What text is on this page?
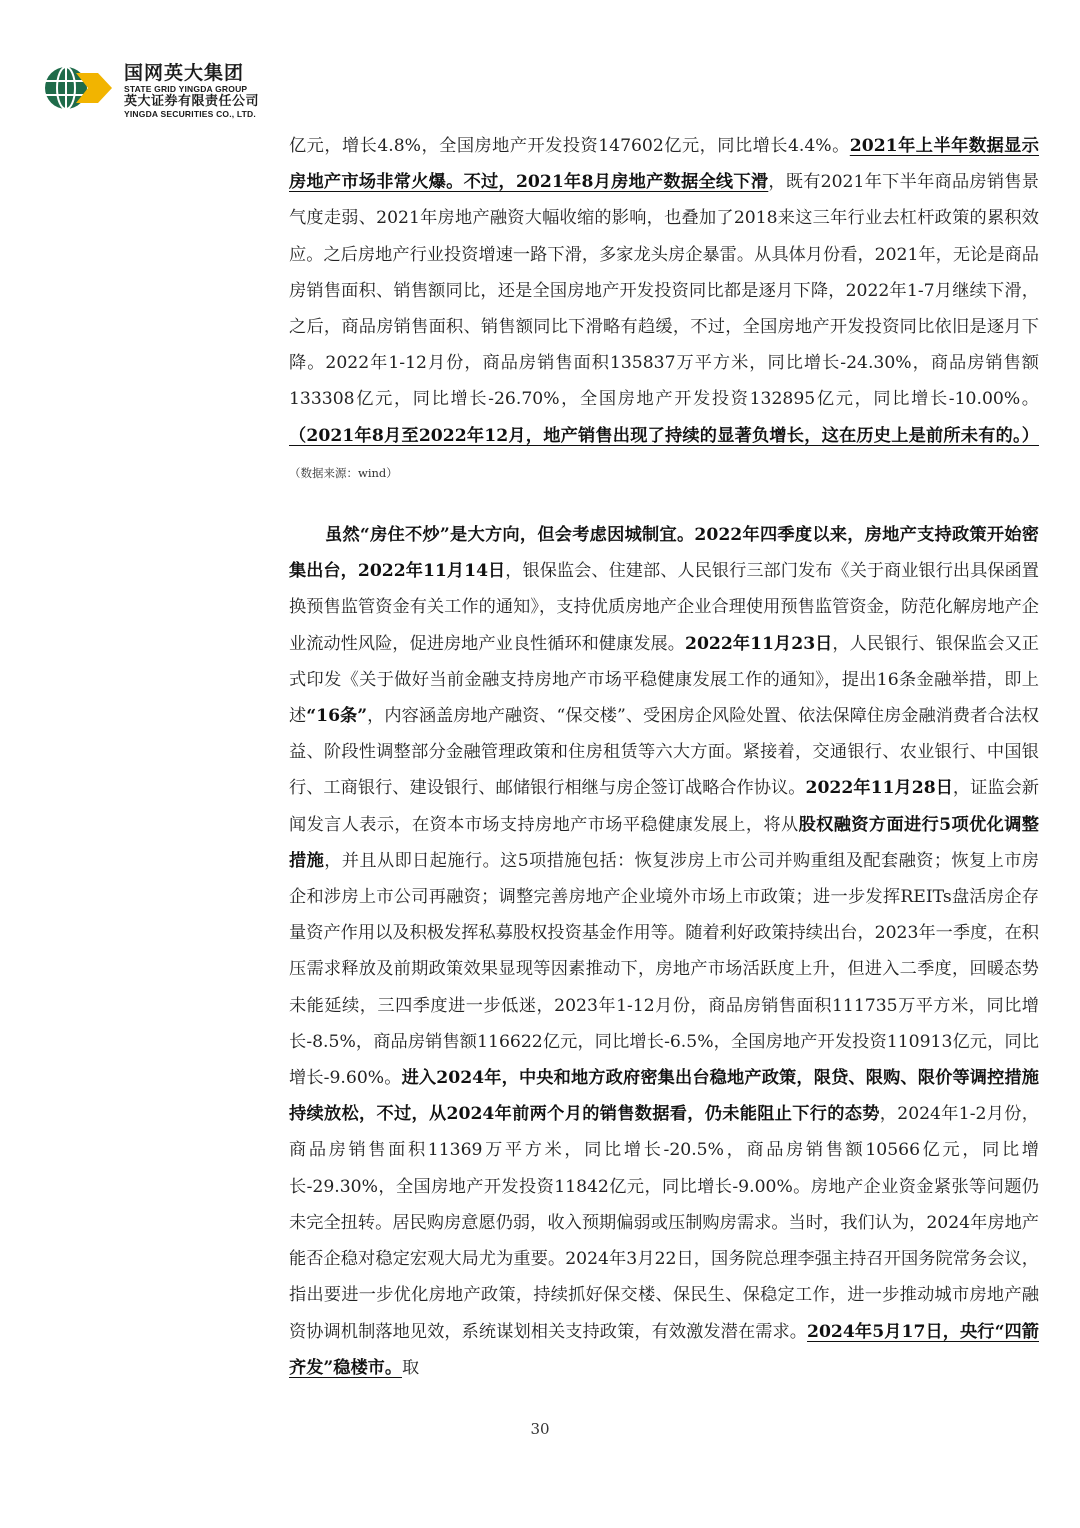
国网英大集团
STATE GRID YINGDA GROUP
英大证券有限责任公司
YINGDA SECURITIES CO., LTD.

亿元，增长4.8%，全国房地产开发投资147602亿元，同比增长4.4%。2021年上半年数据显示房地产市场非常火爆。不过，2021年8月房地产数据全线下滑，既有2021年下半年商品房销售景气度走弱、2021年房地产融资大幅收缩的影响，也叠加了2018来这三年行业去杠杆政策的累积效应。之后房地产行业投资增速一路下滑，多家龙头房企暴雷。从具体月份看，2021年，无论是商品房销售面积、销售额同比，还是全国房地产开发投资同比都是逐月下降，2022年1-7月继续下滑，之后，商品房销售面积、销售额同比下滑略有趋缓，不过，全国房地产开发投资同比依旧是逐月下降。2022年1-12月份，商品房销售面积135837万平方米，同比增长-24.30%，商品房销售额133308亿元，同比增长-26.70%，全国房地产开发投资132895亿元，同比增长-10.00%。（2021年8月至2022年12月，地产销售出现了持续的显著负增长，这在历史上是前所未有的。）（数据来源：wind）

虽然“房住不炒”是大方向，但会考虑因城制宜。2022年四季度以来，房地产支持政策开始密集出台，2022年11月14日，银保监会、住建部、人民银行三部门发布《关于商业银行出具保函置换预售监管资金有关工作的通知》，支持优质房地产企业合理使用预售监管资金，防范化解房地产企业流动性风险，促进房地产业良性循环和健康发展。2022年11月23日，人民银行、银保监会又正式印发《关于做好当前金融支持房地产市场平稳健康发展工作的通知》，提出16条金融举措，即上述“16条”，内容涵盖房地产融资、“保交楼”、受困房企风险处置、依法保障住房金融消费者合法权益、阶段性调整部分金融管理政策和住房租赁等六大方面。紧接着，交通银行、农业银行、中国银行、工商银行、建设银行、邮储银行相继与房企签订战略合作协议。2022年11月28日，证监会新闻发言人表示，在资本市场支持房地产市场平稳健康发展上，将从股权融资方面进行5项优化调整措施，并且从即日起施行。这5项措施包括：恢复涉房上市公司并购重组及配套融资；恢复上市房企和涉房上市公司再融资；调整完善房地产企业境外市场上市政策；进一步发挥REITs盘活房企存量资产作用以及积极发挥私募股权投资基金作用等。随着利好政策持续出台，2023年一季度，在积压需求释放及前期政策效果显现等因素推动下，房地产市场活跃度上升，但进入二季度，回暖态势未能延续，三四季度进一步低迷，2023年1-12月份，商品房销售面积111735万平方米，同比增长-8.5%，商品房销售额116622亿元，同比增长-6.5%，全国房地产开发投资110913亿元，同比增长-9.60%。进入2024年，中央和地方政府密集出台稳地产政策，限贷、限购、限价等调控措施持续放松，不过，从2024年前两个月的销售数据看，仍未能阻止下行的态势，2024年1-2月份，商品房销售面积11369万平方米，同比增长-20.5%，商品房销售额10566亿元，同比增长-29.30%，全国房地产开发投资11842亿元，同比增长-9.00%。房地产企业资金紧张等问题仍未完全扭转。居民购房意愿仍弱，收入预期偏弱或压制购房需求。当时，我们认为，2024年房地产能否企稳对稳定宏观大局尤为重要。2024年3月22日，国务院总理李强主持召开国务院常务会议，指出要进一步优化房地产政策，持续抓好保交楼、保民生、保稳定工作，进一步推动城市房地产融资协调机制落地见效，系统谋划相关支持政策，有效激发潜在需求。2024年5月17日，央行“四箭齐发”稳楼市。取

30
